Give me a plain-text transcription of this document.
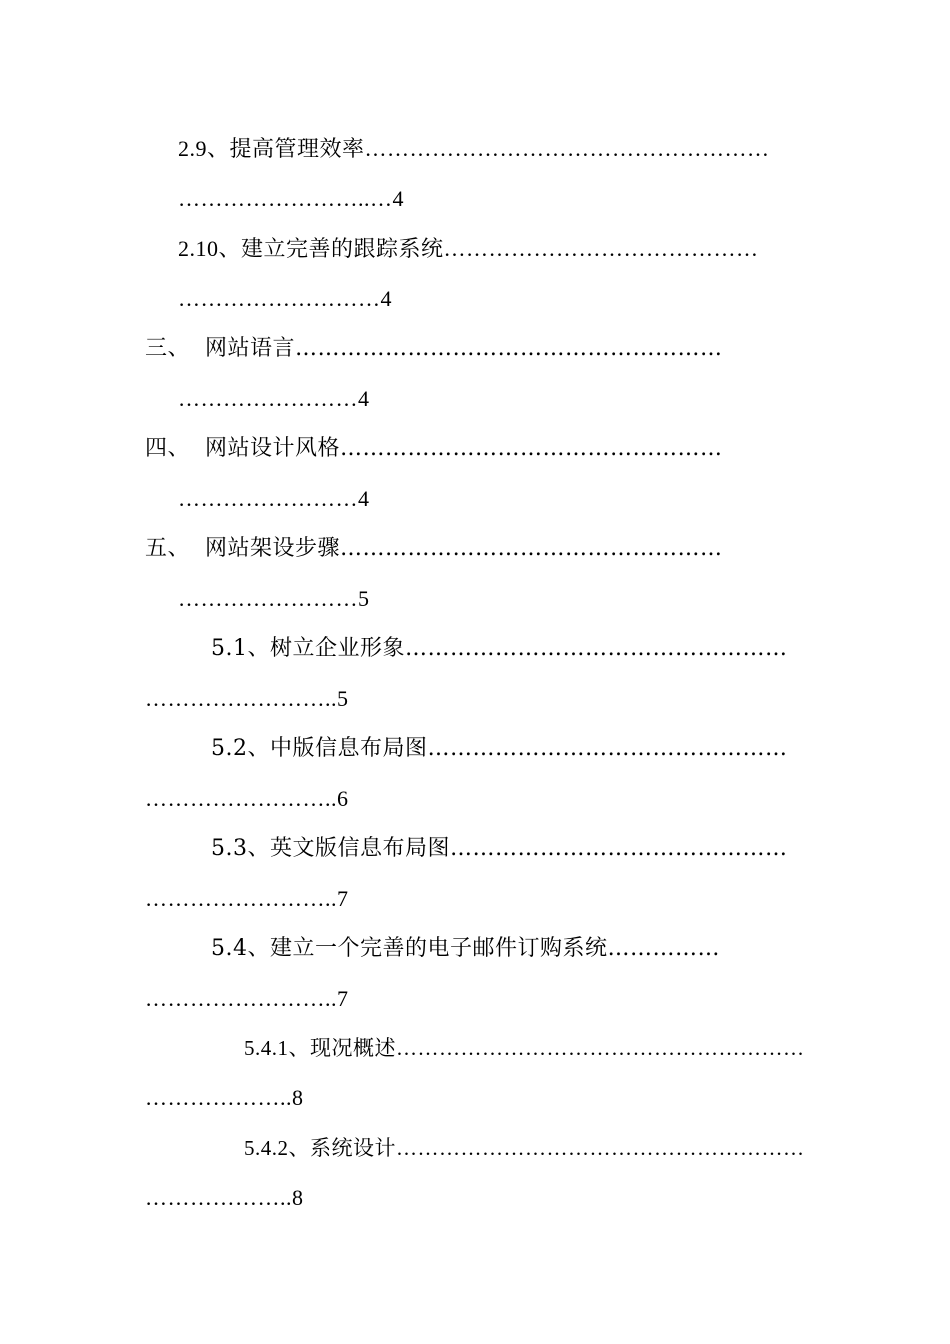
2.9、提高管理效率………………………………………………
……………………..…4
2.10、建立完善的跟踪系统……………………………………
………………………4
三、  网站语言…………………………………………………
……………………4
四、  网站设计风格……………………………………………
……………………4
五、  网站架设步骤……………………………………………
……………………5
5.1、树立企业形象……………………………………………
……………………..5
5.2、中版信息布局图…………………………………………
……………………..6
5.3、英文版信息布局图………………………………………
……………………..7
5.4、建立一个完善的电子邮件订购系统……………
……………………..7
5.4.1、现况概述…………………………………………………
………………..8
5.4.2、系统设计…………………………………………………
………………..8
